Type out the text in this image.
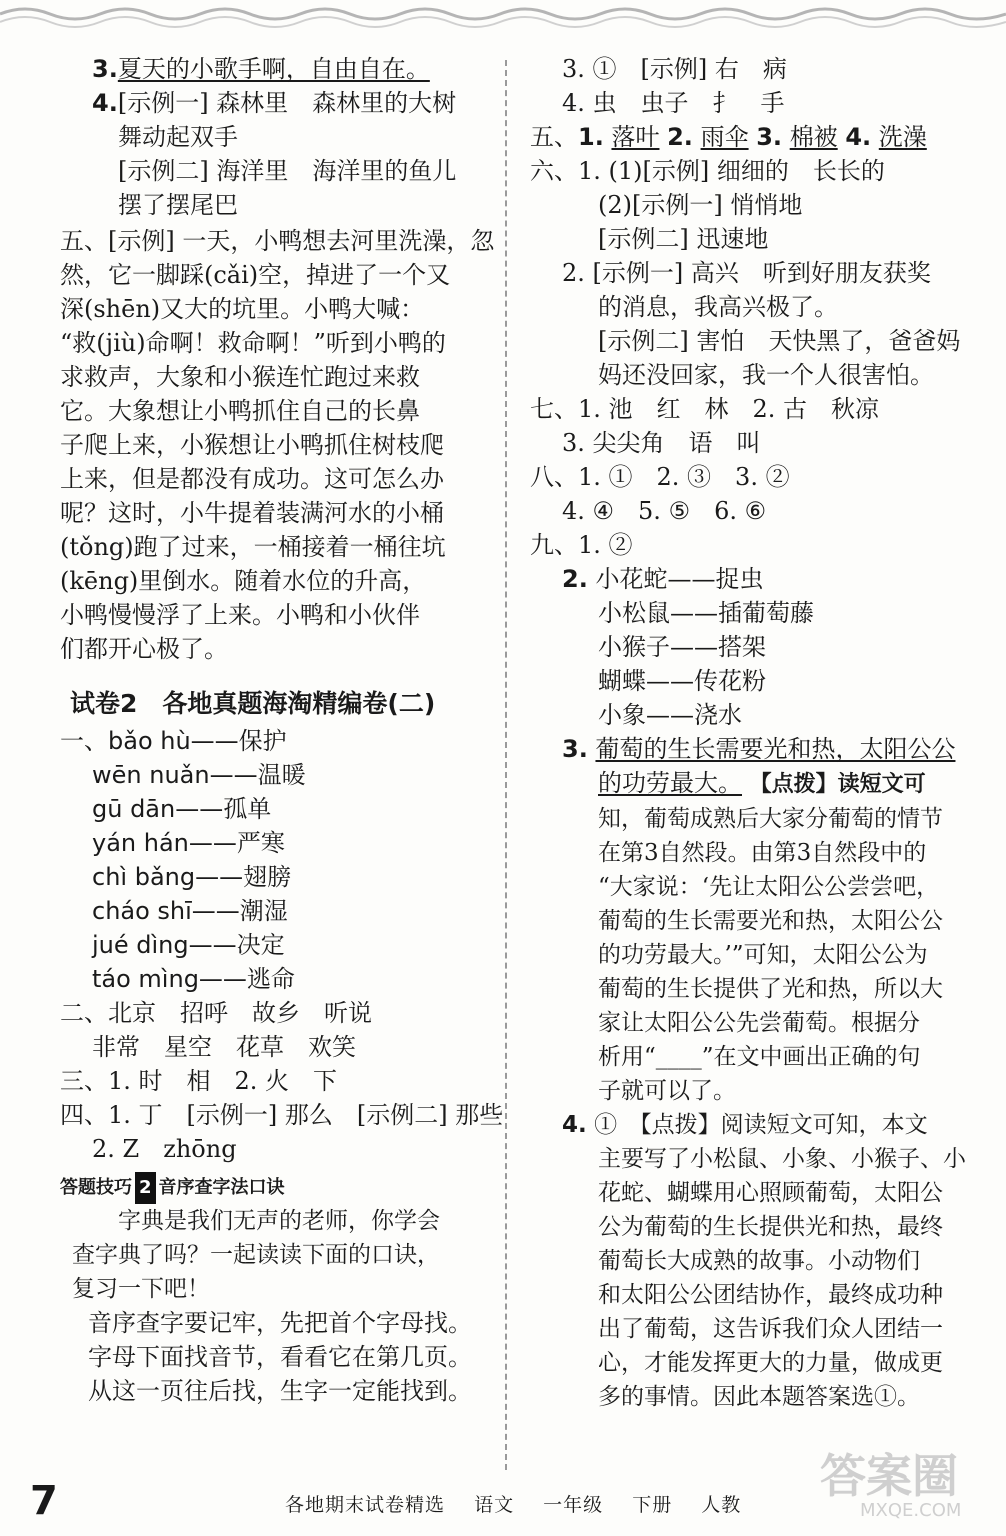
3.夏天的小歌手啊，自由自在。
4.[示例一] 森林里　森林里的大树
舞动起双手
[示例二] 海洋里　海洋里的鱼儿
摆了摆尾巴
五、[示例] 一天，小鸭想去河里洗澡，忽
然，它一脚踩(cǎi)空，掉进了一个又
深(shēn)又大的坑里。小鸭大喊：
“救(jiù)命啊！救命啊！”听到小鸭的
求救声，大象和小猴连忙跑过来救
它。大象想让小鸭抓住自己的长鼻
子爬上来，小猴想让小鸭抓住树枝爬
上来，但是都没有成功。这可怎么办
呢？这时，小牛提着装满河水的小桶
(tǒng)跑了过来，一桶接着一桶往坑
(kēng)里倒水。随着水位的升高，
小鸭慢慢浮了上来。小鸭和小伙伴
们都开心极了。
试卷2　各地真题海淘精编卷(二)
一、bǎo hù——保护
wēn nuǎn——温暖
gū dān——孤单
yán hán——严寒
chì bǎng——翅膀
cháo shī——潮湿
jué dìng——决定
táo mìng——逃命
二、北京　招呼　故乡　听说
非常　星空　花草　欢笑
三、1. 时　相　2. 火　下
四、1. 丁　[示例一] 那么　[示例二] 那些
2. Z　zhōng
答题技巧 2 音序查字法口诀
字典是我们无声的老师，你学会
查字典了吗？一起读读下面的口诀，
复习一下吧！
音序查字要记牢，先把首个字母找。
字母下面找音节，看看它在第几页。
从这一页往后找，生字一定能找到。
3. ①　[示例] 右　病
4. 虫　虫子　扌　手
五、1. 落叶 2. 雨伞 3. 棉被 4. 洗澡
六、1. (1)[示例] 细细的　长长的
(2)[示例一] 悄悄地
[示例二] 迅速地
2. [示例一] 高兴　听到好朋友获奖
的消息，我高兴极了。
[示例二] 害怕　天快黑了，爸爸妈
妈还没回家，我一个人很害怕。
七、1. 池　红　林　2. 古　秋凉
3. 尖尖角　语　叫
八、1. ①　2. ③　3. ②
4. ④　5. ⑤　6. ⑥
九、1. ②
2. 小花蛇——捉虫
小松鼠——插葡萄藤
小猴子——搭架
蝴蝶——传花粉
小象——浇水
3. 葡萄的生长需要光和热，太阳公公
的功劳最大。 【点拨】读短文可
知，葡萄成熟后大家分葡萄的情节
在第3自然段。由第3自然段中的
“大家说：‘先让太阳公公尝尝吧，
葡萄的生长需要光和热，太阳公公
的功劳最大。’”可知，太阳公公为
葡萄的生长提供了光和热，所以大
家让太阳公公先尝葡萄。根据分
析用“____”在文中画出正确的句
子就可以了。
4. ①　【点拨】阅读短文可知，本文
主要写了小松鼠、小象、小猴子、小
花蛇、蝴蝶用心照顾葡萄，太阳公
公为葡萄的生长提供光和热，最终
葡萄长大成熟的故事。小动物们
和太阳公公团结协作，最终成功种
出了葡萄，这告诉我们众人团结一
心，才能发挥更大的力量，做成更
多的事情。因此本题答案选①。
7	各地期末试卷精选 语文 一年级 下册 人教
答案圈
MXQE.COM
